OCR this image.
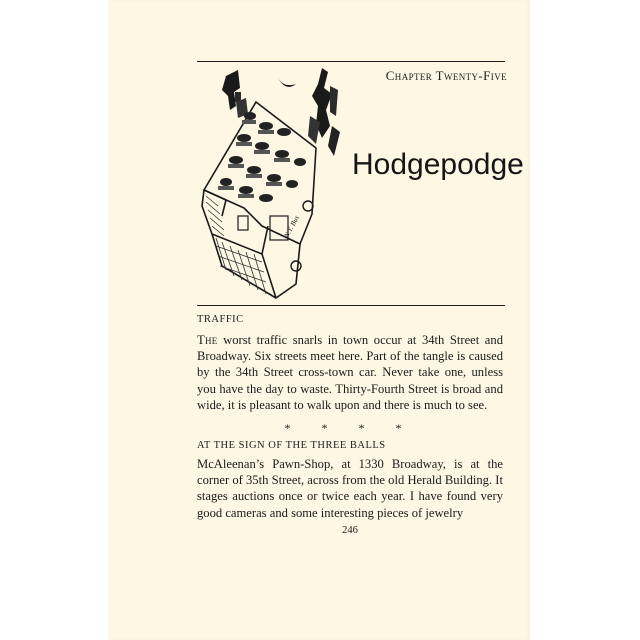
Chapter Twenty-Five
N.Y. Bus
Hodgepodge
TRAFFIC

The worst traffic snarls in town occur at 34th Street and Broadway. Six streets meet here. Part of the tangle is caused by the 34th Street cross-town car. Never take one, unless you have the day to waste. Thirty-Fourth Street is broad and wide, it is pleasant to walk upon and there is much to see.

* * * *
AT THE SIGN OF THE THREE BALLS

McAleenan’s Pawn-Shop, at 1330 Broadway, is at the corner of 35th Street, across from the old Herald Building. It stages auctions once or twice each year. I have found very good cameras and some interesting pieces of jewelry

246
